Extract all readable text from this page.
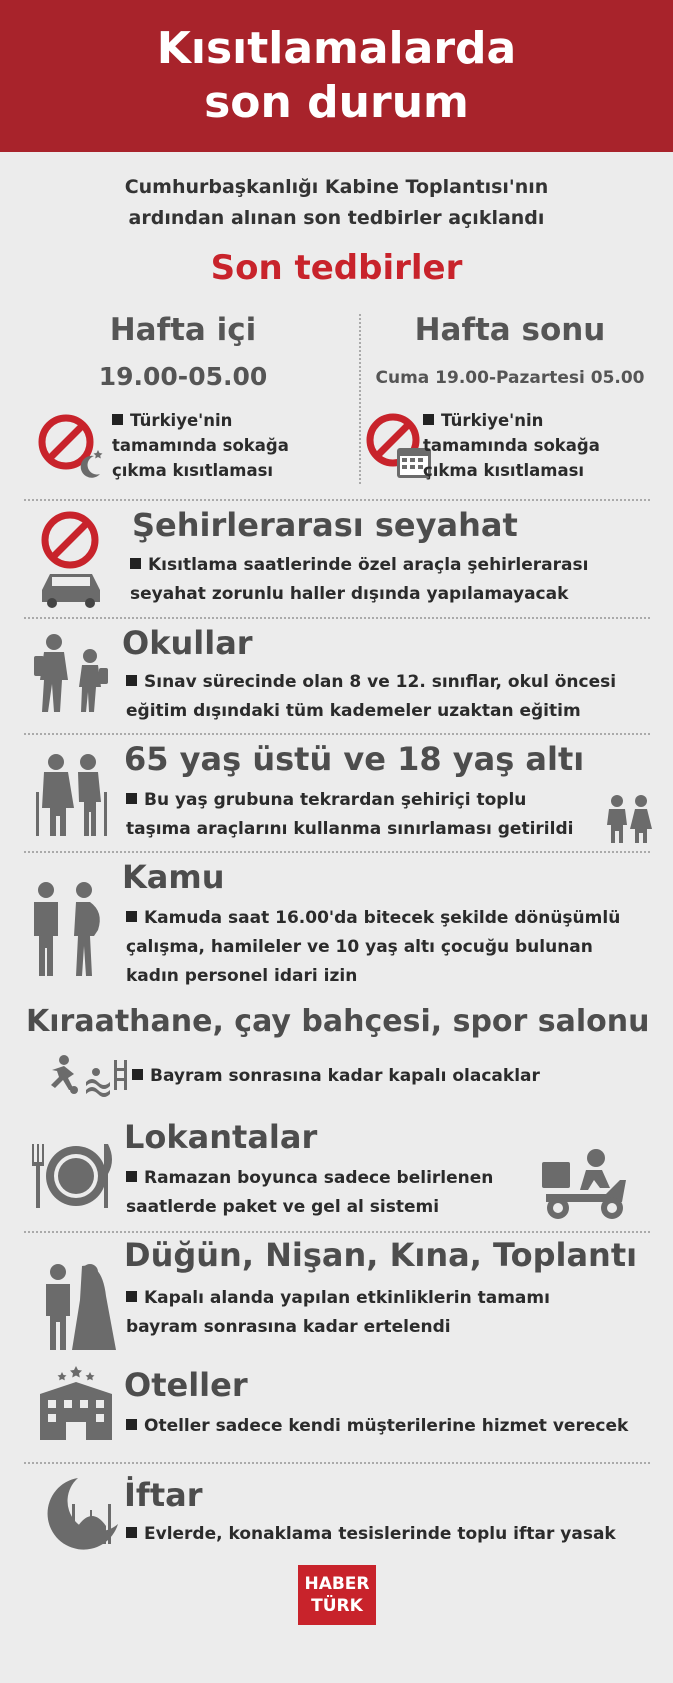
Kısıtlamalarda
son durum
Cumhurbaşkanlığı Kabine Toplantısı'nın
ardından alınan son tedbirler açıklandı
Son tedbirler
Hafta içi
19.00-05.00
Türkiye'nin
tamamında sokağa
çıkma kısıtlaması
Hafta sonu
Cuma 19.00-Pazartesi 05.00
Türkiye'nin
tamamında sokağa
çıkma kısıtlaması
Şehirlerarası seyahat
Kısıtlama saatlerinde özel araçla şehirlerarası
seyahat zorunlu haller dışında yapılamayacak
Okullar
Sınav sürecinde olan 8 ve 12. sınıflar, okul öncesi
eğitim dışındaki tüm kademeler uzaktan eğitim
65 yaş üstü ve 18 yaş altı
Bu yaş grubuna tekrardan şehiriçi toplu
taşıma araçlarını kullanma sınırlaması getirildi
Kamu
Kamuda saat 16.00'da bitecek şekilde dönüşümlü
çalışma, hamileler ve 10 yaş altı çocuğu bulunan
kadın personel idari izin
Kıraathane, çay bahçesi, spor salonu
Bayram sonrasına kadar kapalı olacaklar
Lokantalar
Ramazan boyunca sadece belirlenen
saatlerde paket ve gel al sistemi
Düğün, Nişan, Kına, Toplantı
Kapalı alanda yapılan etkinliklerin tamamı
bayram sonrasına kadar ertelendi
Oteller
Oteller sadece kendi müşterilerine hizmet verecek
İftar
Evlerde, konaklama tesislerinde toplu iftar yasak
HABER
TÜRK
